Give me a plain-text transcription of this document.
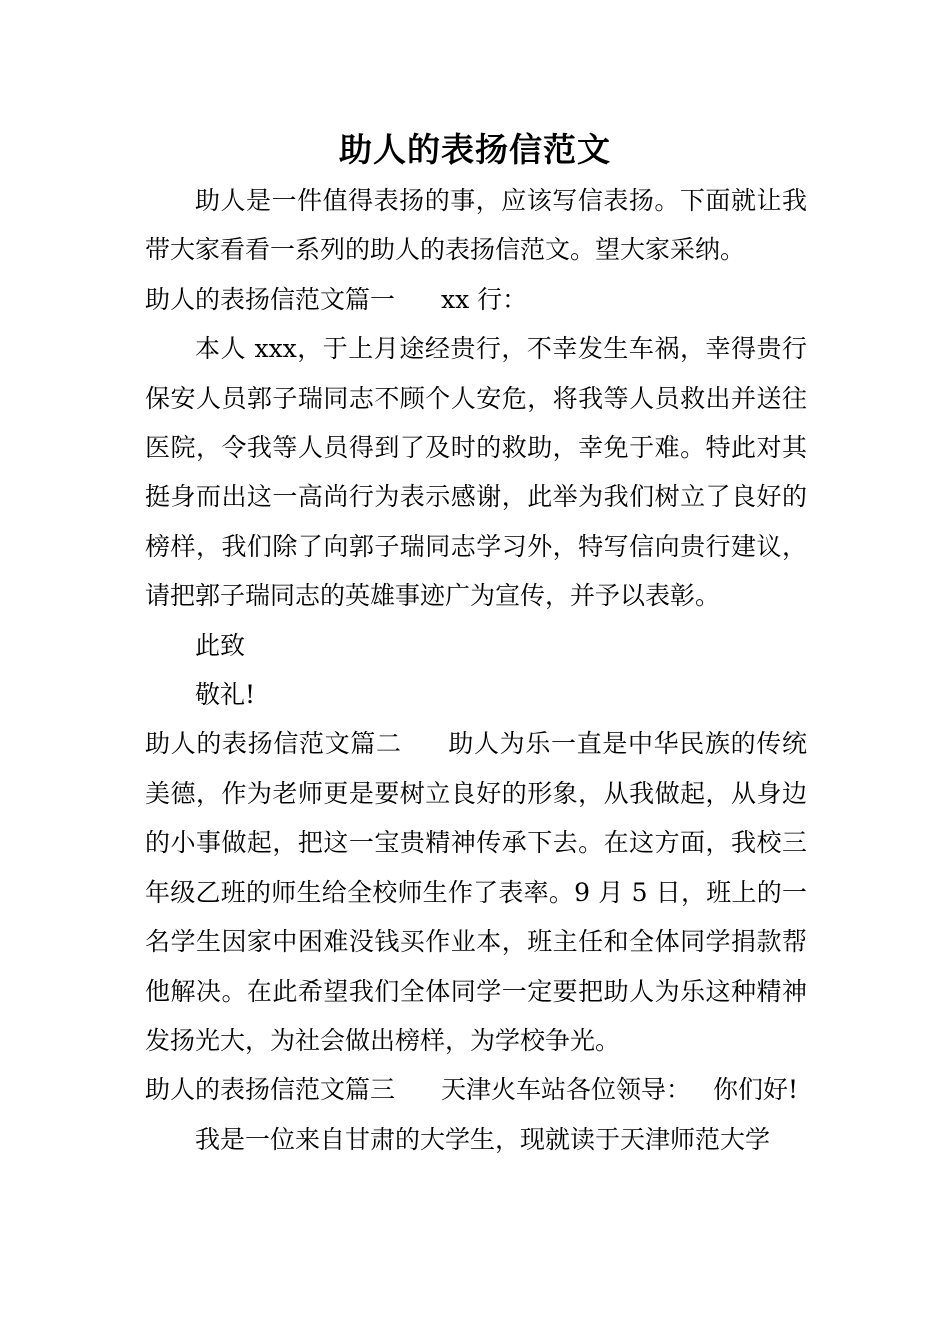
助人的表扬信范文

助人是一件值得表扬的事，应该写信表扬。下面就让我带大家看看一系列的助人的表扬信范文。望大家采纳。

助人的表扬信范文篇一 xx 行：

本人 xxx，于上月途经贵行，不幸发生车祸，幸得贵行保安人员郭子瑞同志不顾个人安危，将我等人员救出并送往医院，令我等人员得到了及时的救助，幸免于难。特此对其挺身而出这一高尚行为表示感谢，此举为我们树立了良好的榜样，我们除了向郭子瑞同志学习外，特写信向贵行建议，请把郭子瑞同志的英雄事迹广为宣传，并予以表彰。

此致

敬礼!

助人的表扬信范文篇二 助人为乐一直是中华民族的传统美德，作为老师更是要树立良好的形象，从我做起，从身边的小事做起，把这一宝贵精神传承下去。在这方面，我校三年级乙班的师生给全校师生作了表率。9 月 5 日，班上的一名学生因家中困难没钱买作业本，班主任和全体同学捐款帮他解决。在此希望我们全体同学一定要把助人为乐这种精神发扬光大，为社会做出榜样，为学校争光。

助人的表扬信范文篇三 天津火车站各位领导： 你们好!

我是一位来自甘肃的大学生，现就读于天津师范大学
